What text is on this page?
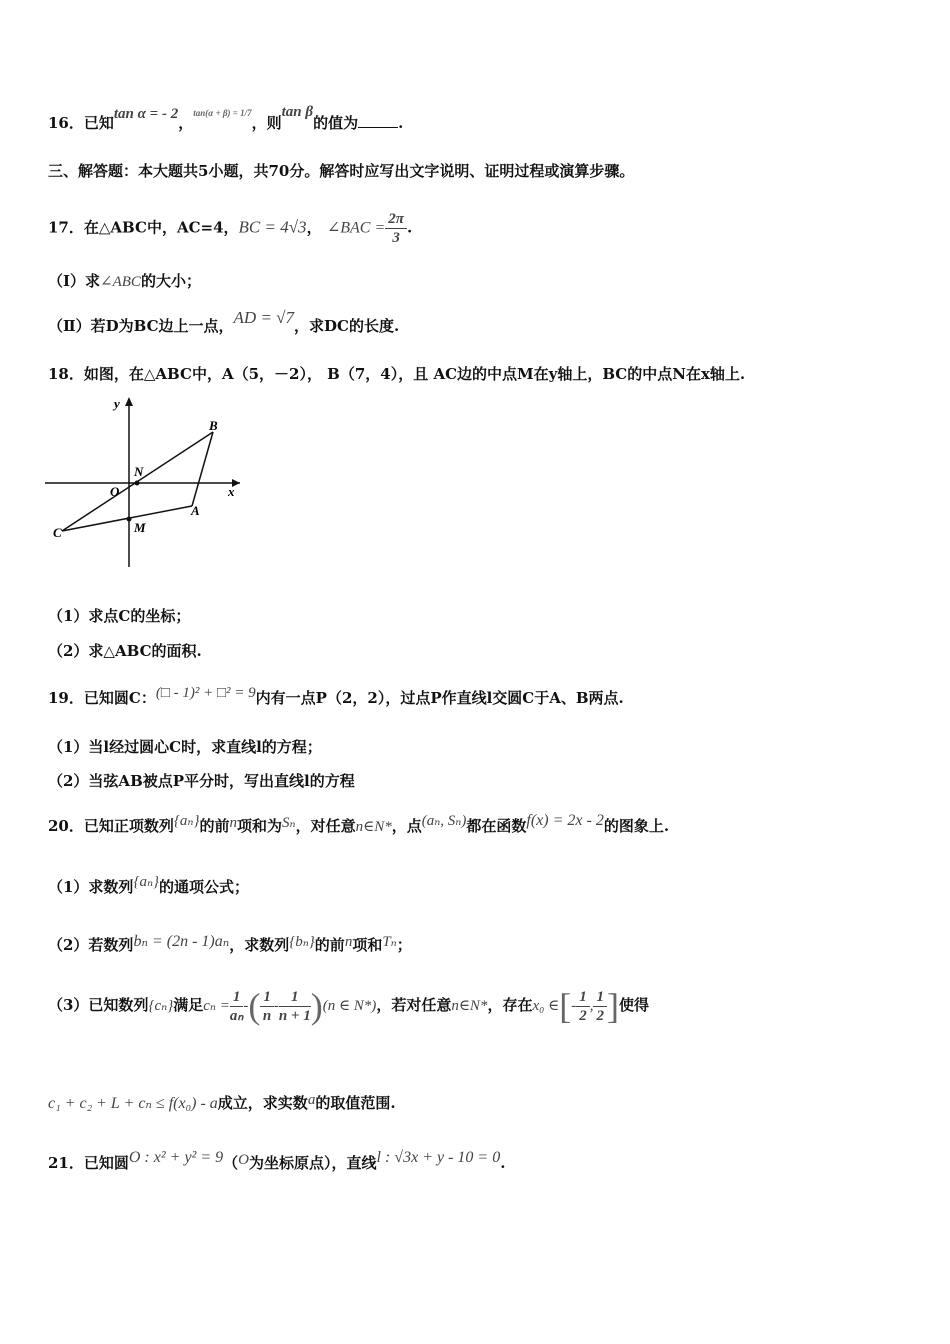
16．已知tan α = - 2，$^{tan(\alpha + \beta) = 1/7}$，则tan β的值为	.
三、解答题：本大题共5小题，共70分。解答时应写出文字说明、证明过程或演算步骤。
17．在△ABC中，AC=4，BC = 4√3， ∠BAC = $\frac{2\pi}{3}$ .
（Ⅰ）求∠ABC的大小；
（Ⅱ）若D为BC边上一点，AD = √7，求DC的长度.
18．如图，在△ABC中，A（5，－2）， B（7，4），且 AC边的中点M在y轴上，BC的中点N在x轴上.
y
x
O
N
M
A
B
C
（1）求点C的坐标；
（2）求△ABC的面积.
19．已知圆C：(□ - 1)² + □² = 9内有一点P（2，2），过点P作直线l交圆C于A、B两点.
（1）当l经过圆心C时，求直线l的方程；
（2）当弦AB被点P平分时，写出直线l的方程
20．已知正项数列{aₙ}的前n项和为Sₙ，对任意n∈N*，点(aₙ, Sₙ)都在函数f(x) = 2x - 2的图象上.
（1）求数列{aₙ}的通项公式；
（2）若数列bₙ = (2n - 1)aₙ，求数列{bₙ}的前n项和Tₙ；
（3）已知数列{cₙ}满足$c_n = \frac{1}{\text{aₙ}}$ -( $\frac{1}{n} - \frac{1}{n + 1} )(n$ ∈ N*)，若对任意n∈N*，存在x₀ ∈[- $\frac{1}{2}$ , $\frac{1}{2}$ ]使得
c₁ + c₂ + L + cₙ ≤ f(x₀) - a成立，求实数a的取值范围.
21．已知圆O : x² + y² = 9（O为坐标原点），直线l : √3x + y - 10 = 0.
